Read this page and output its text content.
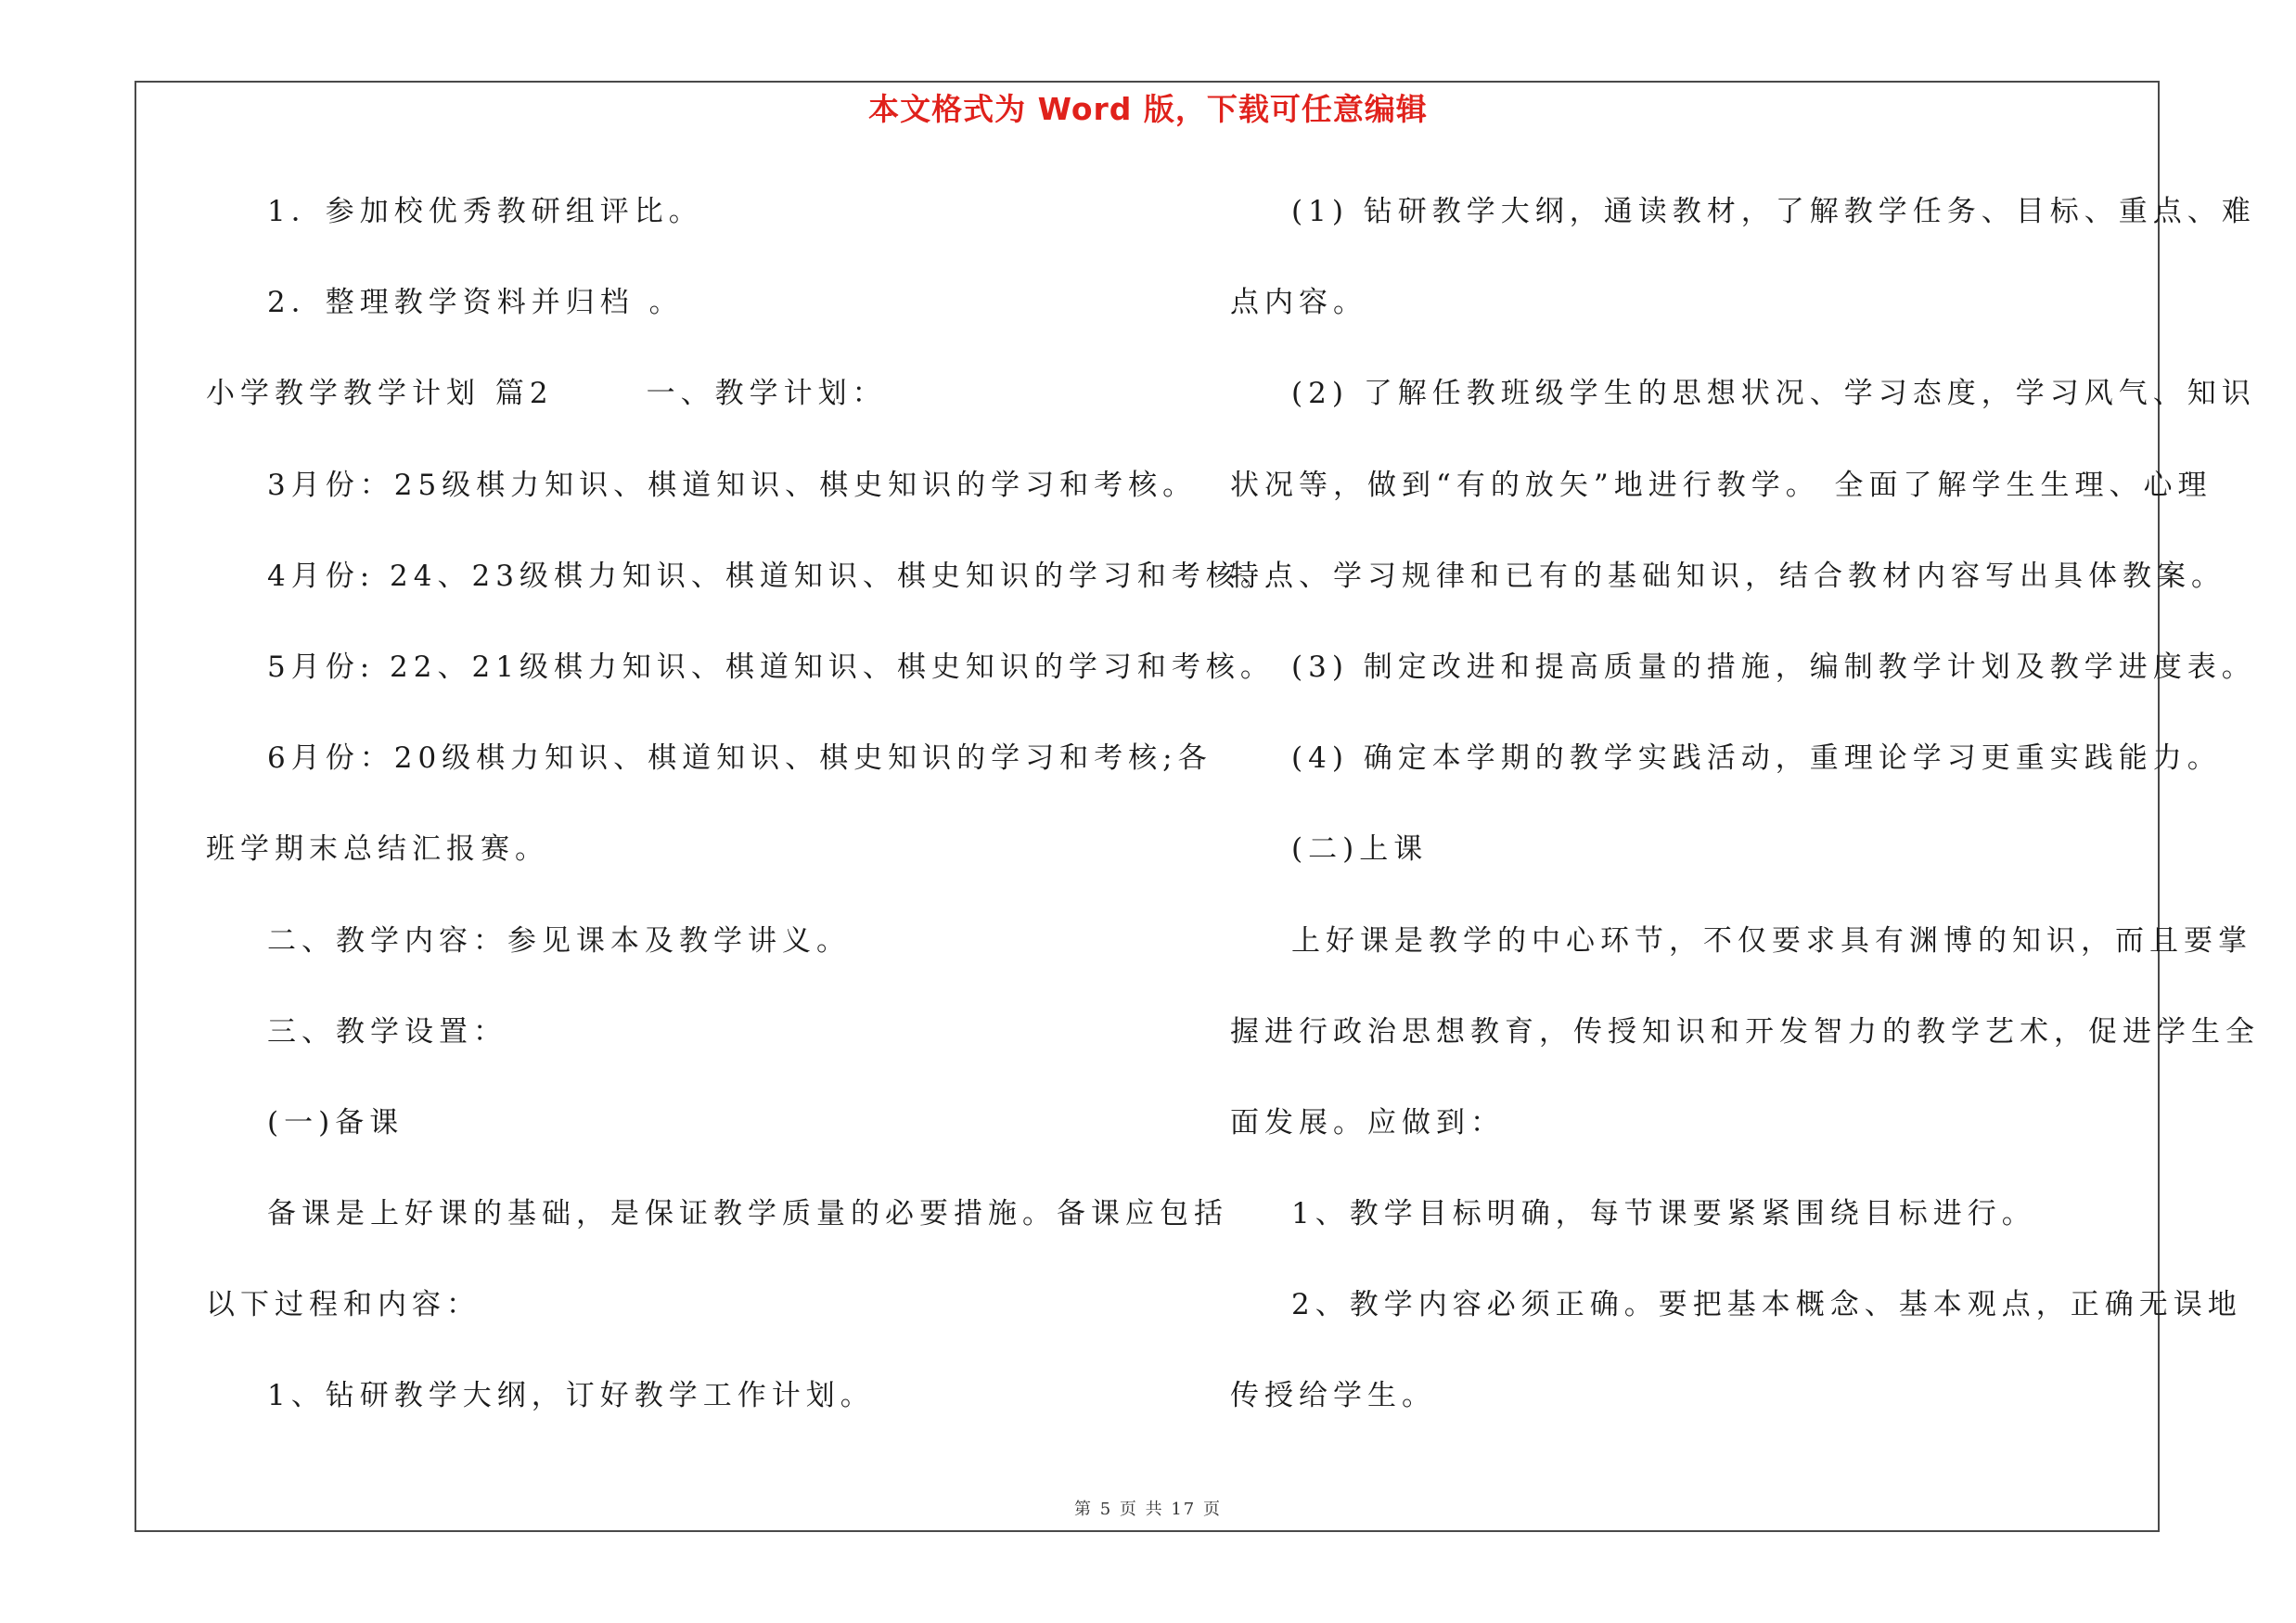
本文格式为 Word 版，下载可任意编辑
1．参加校优秀教研组评比。
2．整理教学资料并归档 。
小学教学教学计划 篇2	一、教学计划：
3月份：25级棋力知识、棋道知识、棋史知识的学习和考核。
4月份: 24、23级棋力知识、棋道知识、棋史知识的学习和考核。
5月份: 22、21级棋力知识、棋道知识、棋史知识的学习和考核。
6月份：20级棋力知识、棋道知识、棋史知识的学习和考核;各
班学期末总结汇报赛。
二、教学内容：参见课本及教学讲义。
三、教学设置：
(一)备课
备课是上好课的基础，是保证教学质量的必要措施。备课应包括
以下过程和内容：
1、钻研教学大纲，订好教学工作计划。
(1) 钻研教学大纲，通读教材，了解教学任务、目标、重点、难
点内容。
(2) 了解任教班级学生的思想状况、学习态度，学习风气、知识
状况等，做到“有的放矢”地进行教学。 全面了解学生生理、心理
特点、学习规律和已有的基础知识，结合教材内容写出具体教案。
(3) 制定改进和提高质量的措施，编制教学计划及教学进度表。
(4) 确定本学期的教学实践活动，重理论学习更重实践能力。
(二)上课
上好课是教学的中心环节，不仅要求具有渊博的知识，而且要掌
握进行政治思想教育，传授知识和开发智力的教学艺术，促进学生全
面发展。应做到：
1、教学目标明确，每节课要紧紧围绕目标进行。
2、教学内容必须正确。要把基本概念、基本观点，正确无误地
传授给学生。
第 5 页 共 17 页
